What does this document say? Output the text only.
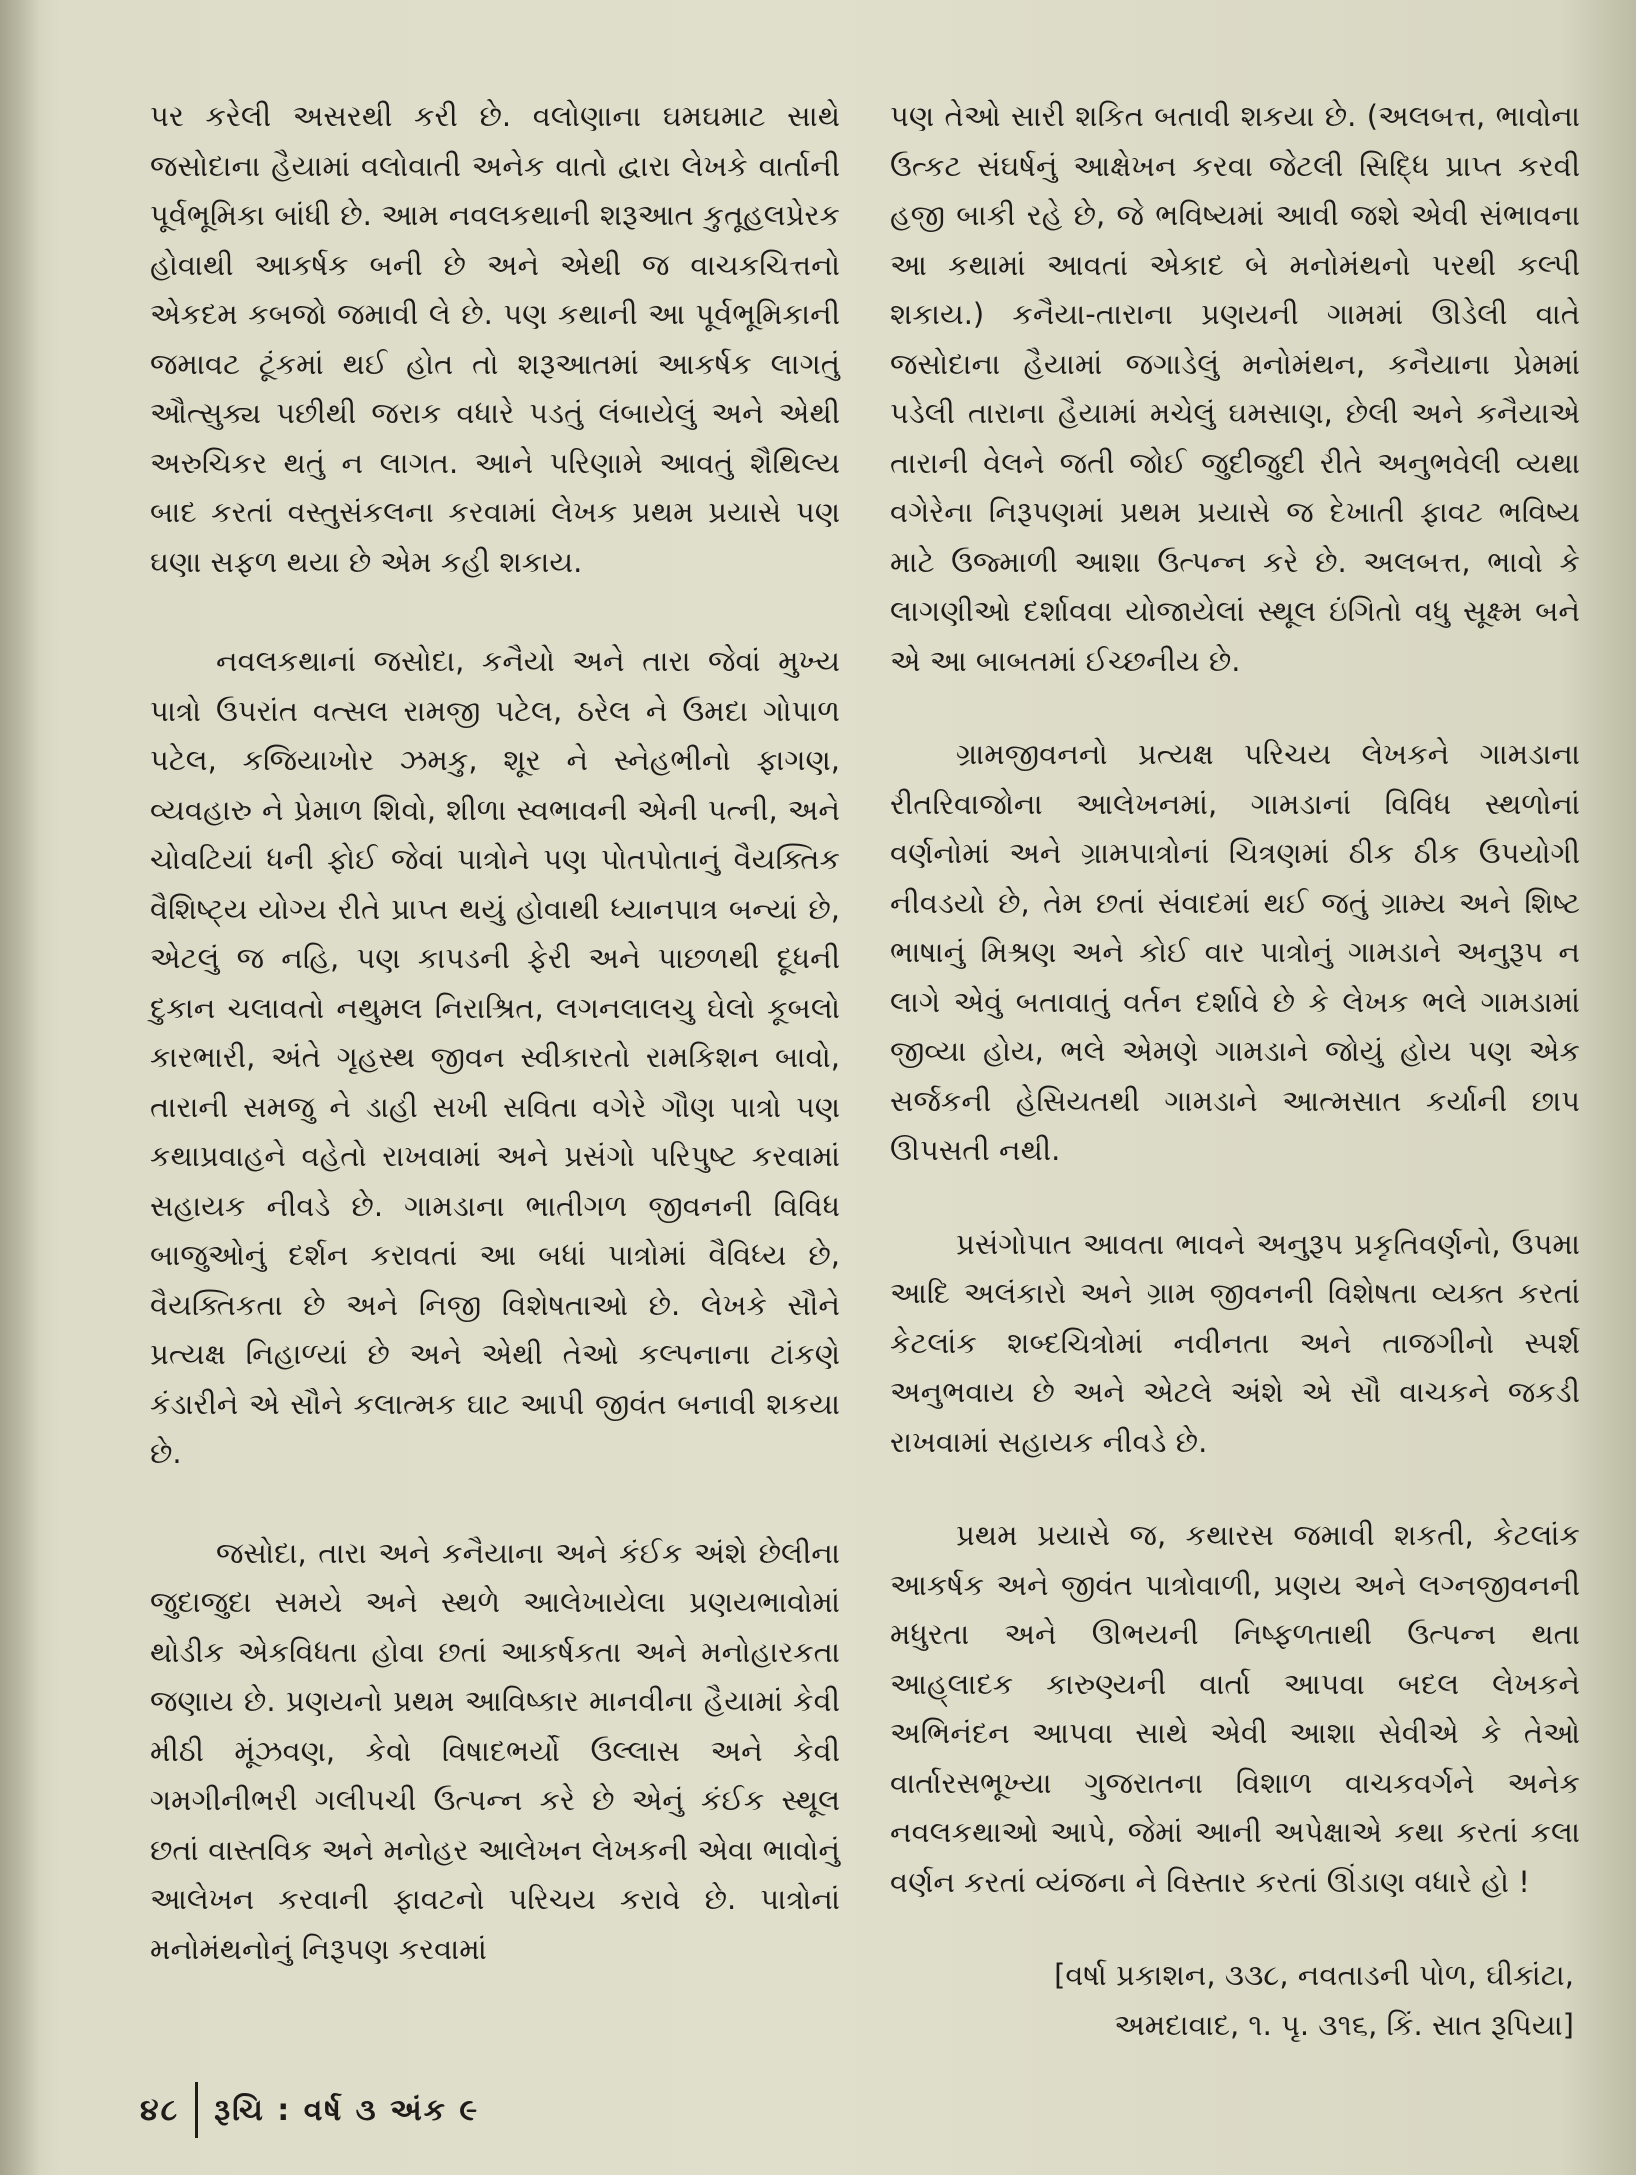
પર કરેલી અસરથી કરી છે. વલોણાના ઘમઘમાટ સાથે જસોદાના હૈયામાં વલોવાતી અનેક વાતો દ્વારા લેખકે વાર્તાની પૂર્વભૂમિકા બાંધી છે. આમ નવલકથાની શરૂઆત કુતૂહલપ્રેરક હોવાથી આકર્ષક બની છે અને એથી જ વાચકચિત્તનો એકદમ કબજો જમાવી લે છે. પણ કથાની આ પૂર્વભૂમિકાની જમાવટ ટૂંકમાં થઈ હોત તો શરૂઆતમાં આકર્ષક લાગતું ઔત્સુક્ય પછીથી જરાક વધારે પડતું લંબાયેલું અને એથી અરુચિકર થતું ન લાગત. આને પરિણામે આવતું શૈથિલ્ય બાદ કરતાં વસ્તુસંકલના કરવામાં લેખક પ્રથમ પ્રયાસે પણ ઘણા સફળ થયા છે એમ કહી શકાય.

નવલકથાનાં જસોદા, કનૈયો અને તારા જેવાં મુખ્ય પાત્રો ઉપરાંત વત્સલ રામજી પટેલ, ઠરેલ ને ઉમદા ગોપાળ પટેલ, કજિયાખોર ઝમકુ, શૂર ને સ્નેહભીનો ફાગણ, વ્યવહારુ ને પ્રેમાળ શિવો, શીળા સ્વભાવની એની પત્ની, અને ચોવટિયાં ધની ફોઈ જેવાં પાત્રોને પણ પોતપોતાનું વૈયક્તિક વૈશિષ્ટ્ય યોગ્ય રીતે પ્રાપ્ત થયું હોવાથી ધ્યાનપાત્ર બન્યાં છે, એટલું જ નહિ, પણ કાપડની ફેરી અને પાછળથી દૂધની દુકાન ચલાવતો નથુમલ નિરાશ્રિત, લગનલાલચુ ઘેલો કૂબલો કારભારી, અંતે ગૃહસ્થ જીવન સ્વીકારતો રામકિશન બાવો, તારાની સમજુ ને ડાહી સખી સવિતા વગેરે ગૌણ પાત્રો પણ કથાપ્રવાહને વહેતો રાખવામાં અને પ્રસંગો પરિપુષ્ટ કરવામાં સહાયક નીવડે છે. ગામડાના ભાતીગળ જીવનની વિવિધ બાજુઓનું દર્શન કરાવતાં આ બધાં પાત્રોમાં વૈવિધ્ય છે, વૈયક્તિકતા છે અને નિજી વિશેષતાઓ છે. લેખકે સૌને પ્રત્યક્ષ નિહાળ્યાં છે અને એથી તેઓ કલ્પનાના ટાંકણે કંડારીને એ સૌને કલાત્મક ઘાટ આપી જીવંત બનાવી શકયા છે.

જસોદા, તારા અને કનૈયાના અને કંઈક અંશે છેલીના જુદાજુદા સમયે અને સ્થળે આલેખાયેલા પ્રણયભાવોમાં થોડીક એકવિધતા હોવા છતાં આકર્ષકતા અને મનોહારકતા જણાય છે. પ્રણયનો પ્રથમ આવિષ્કાર માનવીના હૈયામાં કેવી મીઠી મૂંઝવણ, કેવો વિષાદભર્યો ઉલ્લાસ અને કેવી ગમગીનીભરી ગલીપચી ઉત્પન્ન કરે છે એનું કંઈક સ્થૂલ છતાં વાસ્તવિક અને મનોહર આલેખન લેખકની એવા ભાવોનું આલેખન કરવાની ફાવટનો પરિચય કરાવે છે. પાત્રોનાં મનોમંથનોનું નિરૂપણ કરવામાં

પણ તેઓ સારી શકિત બતાવી શકયા છે. (અલબત્ત, ભાવોના ઉત્કટ સંઘર્ષનું આક્ષેખન કરવા જેટલી સિદ્ધિ પ્રાપ્ત કરવી હજી બાકી રહે છે, જે ભવિષ્યમાં આવી જશે એવી સંભાવના આ કથામાં આવતાં એકાદ બે મનોમંથનો પરથી કલ્પી શકાય.) કનૈયા-તારાના પ્રણયની ગામમાં ઊડેલી વાતે જસોદાના હૈયામાં જગાડેલું મનોમંથન, કનૈયાના પ્રેમમાં પડેલી તારાના હૈયામાં મચેલું ઘમસાણ, છેલી અને કનૈયાએ તારાની વેલને જતી જોઈ જુદીજુદી રીતે અનુભવેલી વ્યથા વગેરેના નિરૂપણમાં પ્રથમ પ્રયાસે જ દેખાતી ફાવટ ભવિષ્ય માટે ઉજ્માળી આશા ઉત્પન્ન કરે છે. અલબત્ત, ભાવો કે લાગણીઓ દર્શાવવા યોજાયેલાં સ્થૂલ ઇંગિતો વધુ સૂક્ષ્મ બને એ આ બાબતમાં ઈચ્છનીય છે.

ગ્રામજીવનનો પ્રત્યક્ષ પરિચય લેખકને ગામડાના રીતરિવાજોના આલેખનમાં, ગામડાનાં વિવિધ સ્થળોનાં વર્ણનોમાં અને ગ્રામપાત્રોનાં ચિત્રણમાં ઠીક ઠીક ઉપયોગી નીવડયો છે, તેમ છતાં સંવાદમાં થઈ જતું ગ્રામ્ય અને શિષ્ટ ભાષાનું મિશ્રણ અને કોઈ વાર પાત્રોનું ગામડાને અનુરૂપ ન લાગે એવું બતાવાતું વર્તન દર્શાવે છે કે લેખક ભલે ગામડામાં જીવ્યા હોય, ભલે એમણે ગામડાને જોયું હોય પણ એક સર્જકની હેસિયતથી ગામડાને આત્મસાત કર્યાની છાપ ઊપસતી નથી.

પ્રસંગોપાત આવતા ભાવને અનુરૂપ પ્રકૃતિવર્ણનો, ઉપમા આદિ અલંકારો અને ગ્રામ જીવનની વિશેષતા વ્યક્ત કરતાં કેટલાંક શબ્દચિત્રોમાં નવીનતા અને તાજગીનો સ્પર્શ અનુભવાય છે અને એટલે અંશે એ સૌ વાચકને જકડી રાખવામાં સહાયક નીવડે છે.

પ્રથમ પ્રયાસે જ, કથારસ જમાવી શકતી, કેટલાંક આકર્ષક અને જીવંત પાત્રોવાળી, પ્રણય અને લગ્નજીવનની મધુરતા અને ઊભયની નિષ્ફળતાથી ઉત્પન્ન થતા આહ્‌લાદક કારુણ્યની વાર્તા આપવા બદલ લેખકને અભિનંદન આપવા સાથે એવી આશા સેવીએ કે તેઓ વાર્તારસભૂખ્યા ગુજરાતના વિશાળ વાચકવર્ગને અનેક નવલકથાઓ આપે, જેમાં આની અપેક્ષાએ કથા કરતાં કલા વર્ણન કરતાં વ્યંજના ને વિસ્તાર કરતાં ઊંડાણ વધારે હો !

[વર્ષા પ્રકાશન, ૩૩૮, નવતાડની પોળ, ઘીકાંટા,

અમદાવાદ, ૧. પૃ. ૩૧૬, કિં. સાત રૂપિયા]

૪૮ રૂચિ : વર્ષ ૩ અંક ૯
